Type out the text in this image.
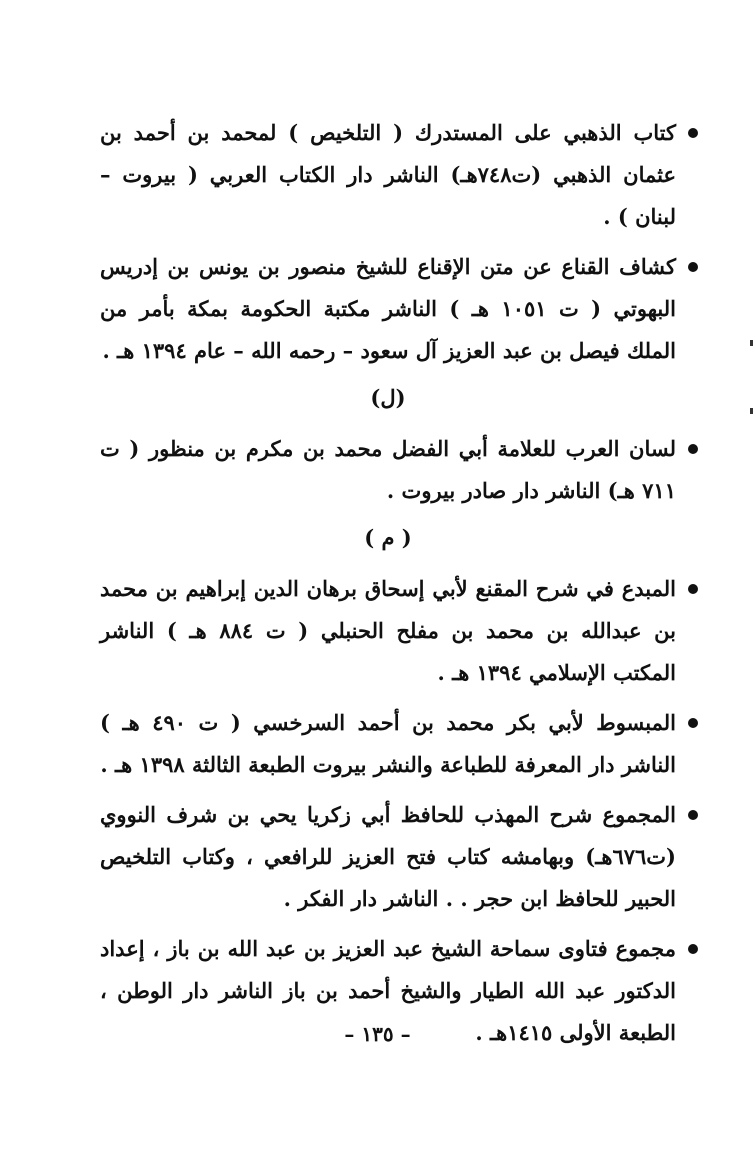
كتاب الذهبي على المستدرك ( التلخيص ) لمحمد بن أحمد بن عثمان الذهبي (ت٧٤٨هـ) الناشر دار الكتاب العربي ( بيروت – لبنان ) .
كشاف القناع عن متن الإقناع للشيخ منصور بن يونس بن إدريس البهوتي ( ت ١٠٥١ هـ ) الناشر مكتبة الحكومة بمكة بأمر من الملك فيصل بن عبد العزيز آل سعود – رحمه الله – عام ١٣٩٤ هـ .
(ل)
لسان العرب للعلامة أبي الفضل محمد بن مكرم بن منظور ( ت ٧١١ هـ) الناشر دار صادر بيروت .
( م )
المبدع في شرح المقنع لأبي إسحاق برهان الدين إبراهيم بن محمد بن عبدالله بن محمد بن مفلح الحنبلي ( ت ٨٨٤ هـ ) الناشر المكتب الإسلامي ١٣٩٤ هـ .
المبسوط لأبي بكر محمد بن أحمد السرخسي ( ت ٤٩٠ هـ ) الناشر دار المعرفة للطباعة والنشر بيروت الطبعة الثالثة ١٣٩٨ هـ .
المجموع شرح المهذب للحافظ أبي زكريا يحي بن شرف النووي (ت٦٧٦هـ) وبهامشه كتاب فتح العزيز للرافعي ، وكتاب التلخيص الحبير للحافظ ابن حجر . . الناشر دار الفكر .
مجموع فتاوى سماحة الشيخ عبد العزيز بن عبد الله بن باز ، إعداد الدكتور عبد الله الطيار والشيخ أحمد بن باز الناشر دار الوطن ، الطبعة الأولى ١٤١٥هـ .
– ١٣٥ –
